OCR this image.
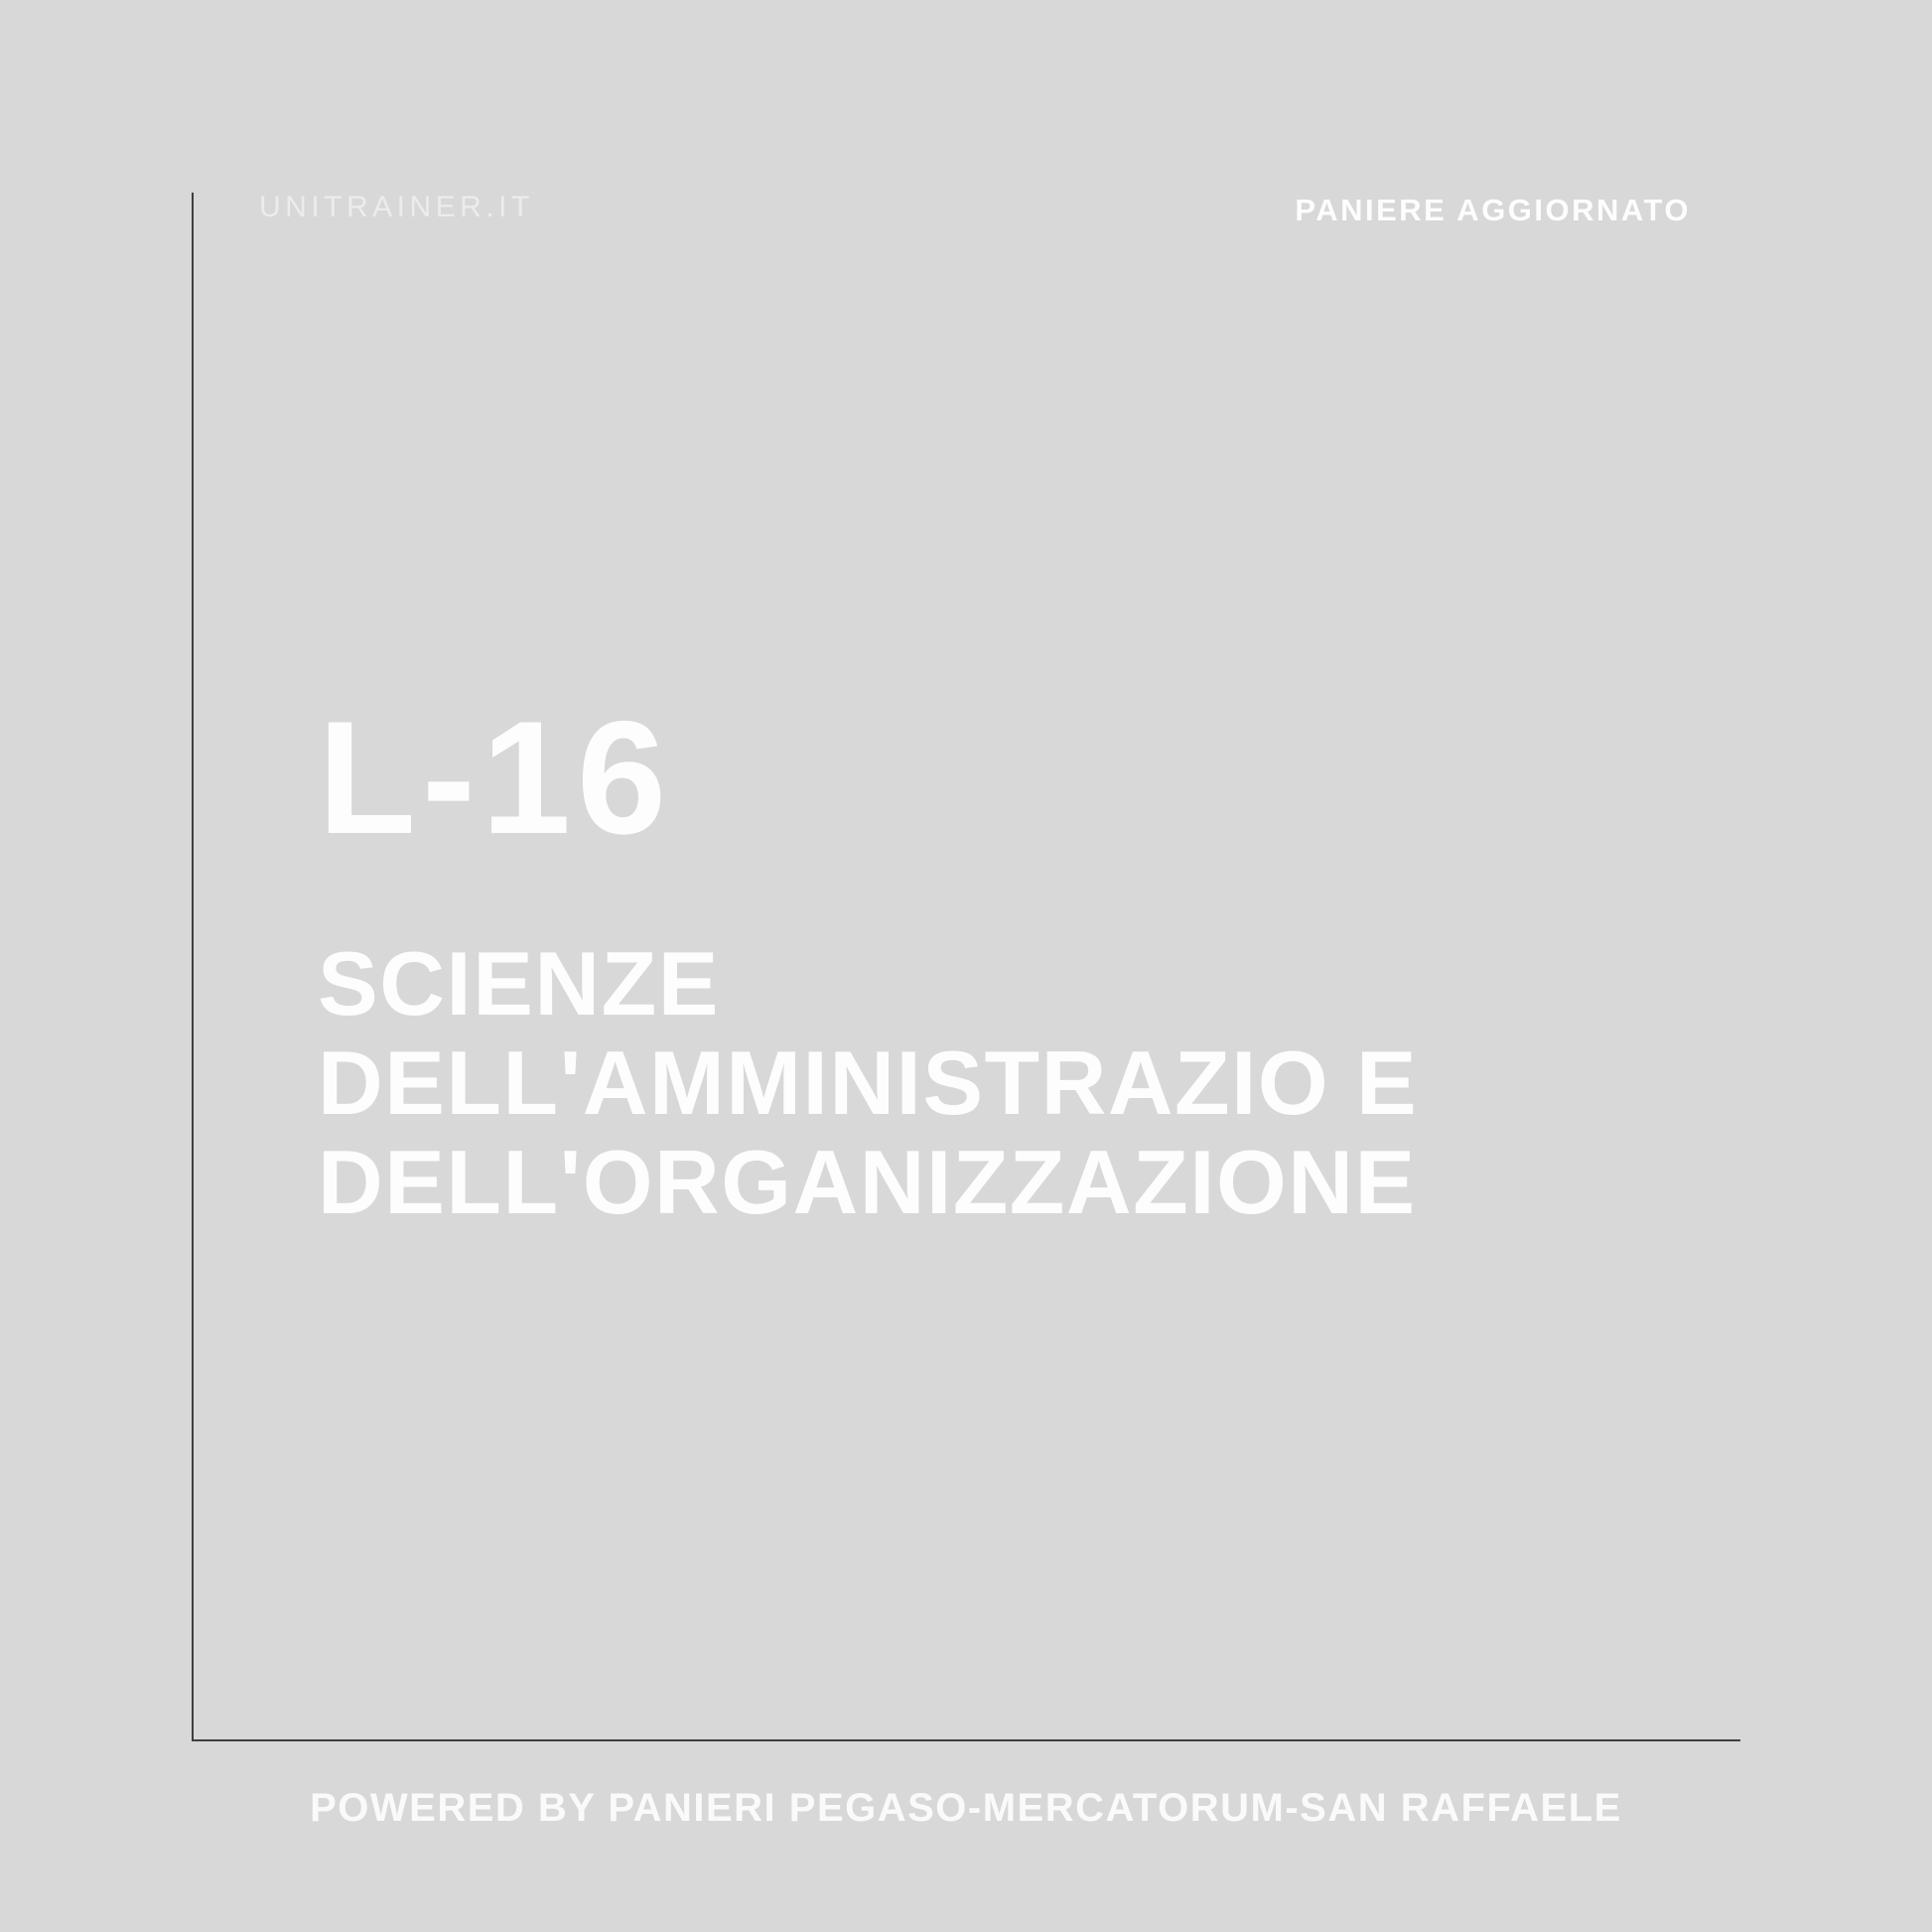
UNITRAINER.IT	PANIERE AGGIORNATO
L-16
SCIENZE
DELL'AMMINISTRAZIO E
DELL'ORGANIZZAZIONE
POWERED BY PANIERI PEGASO-MERCATORUM-SAN RAFFAELE
